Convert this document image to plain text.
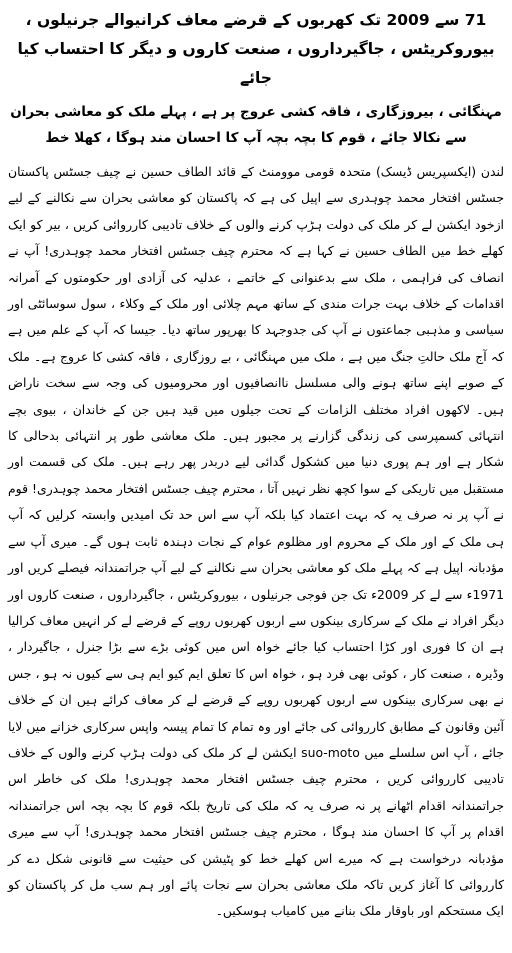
71 سے 2009 تک کھربوں کے قرضے معاف کرانیوالے جرنیلوں ، بیوروکریٹس ، جاگیرداروں ، صنعت کاروں و دیگر کا احتساب کیا جائے
مہنگائی ، بیروزگاری ، فاقہ کشی عروج پر ہے ، پہلے ملک کو معاشی بحران سے نکالا جائے ، قوم کا بچہ بچہ آپ کا احسان مند ہوگا ، کھلا خط

لندن (ایکسپریس ڈیسک) متحدہ قومی موومنٹ کے قائد الطاف حسین نے چیف جسٹس پاکستان جسٹس افتخار محمد چوہدری سے اپیل کی ہے کہ پاکستان کو معاشی بحران سے نکالنے کے لیے ازخود ایکشن لے کر ملک کی دولت ہڑپ کرنے والوں کے خلاف تادیبی کارروائی کریں ، بیر کو ایک کھلے خط میں الطاف حسین نے کہا ہے کہ محترم چیف جسٹس افتخار محمد چوہدری! آپ نے انصاف کی فراہمی ، ملک سے بدعنوانی کے خاتمے ، عدلیہ کی آزادی اور حکومتوں کے آمرانہ اقدامات کے خلاف بہت جرات مندی کے ساتھ مہم چلائی اور ملک کے وکلاء ، سول سوسائٹی اور سیاسی و مذہبی جماعتوں نے آپ کی جدوجہد کا بھرپور ساتھ دیا۔ جیسا کہ آپ کے علم میں ہے کہ آج ملک حالتِ جنگ میں ہے ، ملک میں مہنگائی ، بے روزگاری ، فاقہ کشی کا عروج ہے۔ ملک کے صوبے اپنے ساتھ ہونے والی مسلسل ناانصافیوں اور محرومیوں کی وجہ سے سخت ناراض ہیں۔ لاکھوں افراد مختلف الزامات کے تحت جیلوں میں قید ہیں جن کے خاندان ، بیوی بچے انتہائی کسمپرسی کی زندگی گزارنے پر مجبور ہیں۔ ملک معاشی طور پر انتہائی بدحالی کا شکار ہے اور ہم پوری دنیا میں کشکول گدائی لیے دربدر پھر رہے ہیں۔ ملک کی قسمت اور مستقبل میں تاریکی کے سوا کچھ نظر نہیں آتا ، محترم چیف جسٹس افتخار محمد چوہدری! قوم نے آپ پر نہ صرف یہ کہ بہت اعتماد کیا بلکہ آپ سے اس حد تک امیدیں وابستہ کرلیں کہ آپ ہی ملک کے اور ملک کے محروم اور مظلوم عوام کے نجات دہندہ ثابت ہوں گے۔ میری آپ سے مؤدبانہ اپیل ہے کہ پہلے ملک کو معاشی بحران سے نکالنے کے لیے آپ جراتمندانہ فیصلے کریں اور 1971ء سے لے کر 2009ء تک جن فوجی جرنیلوں ، بیوروکریٹس ، جاگیرداروں ، صنعت کاروں اور دیگر افراد نے ملک کے سرکاری بینکوں سے اربوں کھربوں روپے کے قرضے لے کر انہیں معاف کرالیا ہے ان کا فوری اور کڑا احتساب کیا جائے خواہ اس میں کوئی بڑے سے بڑا جنرل ، جاگیردار ، وڈیرہ ، صنعت کار ، کوئی بھی فرد ہو ، خواہ اس کا تعلق ایم کیو ایم ہی سے کیوں نہ ہو ، جس نے بھی سرکاری بینکوں سے اربوں کھربوں روپے کے قرضے لے کر معاف کرائے ہیں ان کے خلاف آئین وقانون کے مطابق کارروائی کی جائے اور وہ تمام کا تمام پیسہ واپس سرکاری خزانے میں لایا جائے ، آپ اس سلسلے میں suo-moto ایکشن لے کر ملک کی دولت ہڑپ کرنے والوں کے خلاف تادیبی کارروائی کریں ، محترم چیف جسٹس افتخار محمد چوہدری! ملک کی خاطر اس جراتمندانہ اقدام اٹھانے پر نہ صرف یہ کہ ملک کی تاریخ بلکہ قوم کا بچہ بچہ اس جراتمندانہ اقدام پر آپ کا احسان مند ہوگا ، محترم چیف جسٹس افتخار محمد چوہدری! آپ سے میری مؤدبانہ درخواست ہے کہ میرے اس کھلے خط کو پٹیشن کی حیثیت سے قانونی شکل دے کر کارروائی کا آغاز کریں تاکہ ملک معاشی بحران سے نجات پائے اور ہم سب مل کر پاکستان کو ایک مستحکم اور باوقار ملک بنانے میں کامیاب ہوسکیں۔
